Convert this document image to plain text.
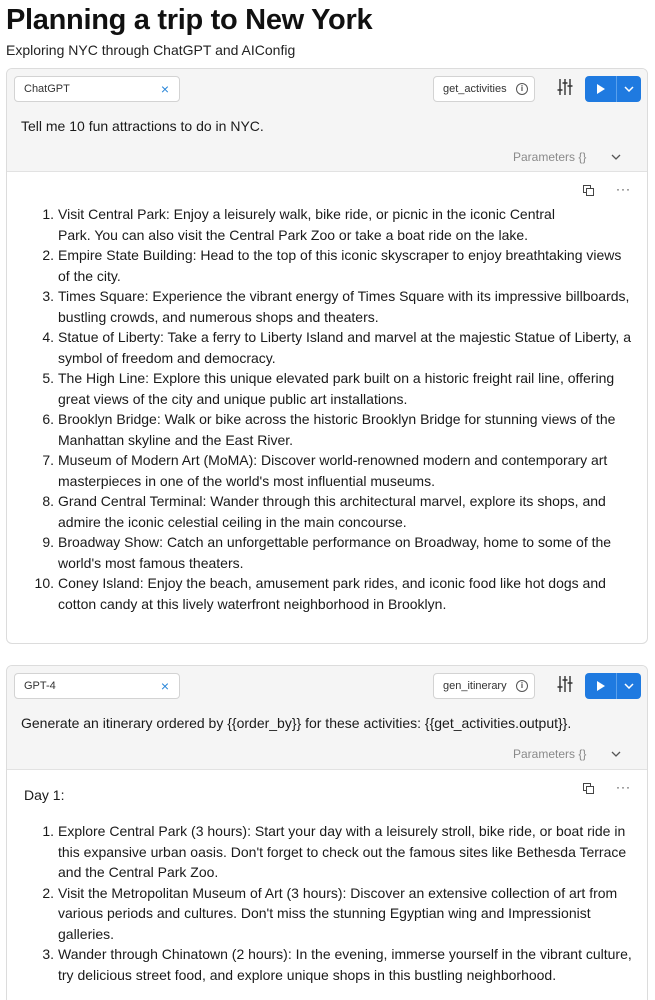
Planning a trip to New York
Exploring NYC through ChatGPT and AIConfig
ChatGPT	×	get_activities	i
Tell me 10 fun attractions to do in NYC.
Parameters {}
···
1. Visit Central Park: Enjoy a leisurely walk, bike ride, or picnic in the iconic Central
Park. You can also visit the Central Park Zoo or take a boat ride on the lake.
2. Empire State Building: Head to the top of this iconic skyscraper to enjoy breathtaking views
of the city.
3. Times Square: Experience the vibrant energy of Times Square with its impressive billboards,
bustling crowds, and numerous shops and theaters.
4. Statue of Liberty: Take a ferry to Liberty Island and marvel at the majestic Statue of Liberty, a
symbol of freedom and democracy.
5. The High Line: Explore this unique elevated park built on a historic freight rail line, offering
great views of the city and unique public art installations.
6. Brooklyn Bridge: Walk or bike across the historic Brooklyn Bridge for stunning views of the
Manhattan skyline and the East River.
7. Museum of Modern Art (MoMA): Discover world-renowned modern and contemporary art
masterpieces in one of the world's most influential museums.
8. Grand Central Terminal: Wander through this architectural marvel, explore its shops, and
admire the iconic celestial ceiling in the main concourse.
9. Broadway Show: Catch an unforgettable performance on Broadway, home to some of the
world's most famous theaters.
10. Coney Island: Enjoy the beach, amusement park rides, and iconic food like hot dogs and
cotton candy at this lively waterfront neighborhood in Brooklyn.
GPT-4	×	gen_itinerary	i
Generate an itinerary ordered by {{order_by}} for these activities: {{get_activities.output}}.
Parameters {}
···
Day 1:
1. Explore Central Park (3 hours): Start your day with a leisurely stroll, bike ride, or boat ride in
this expansive urban oasis. Don't forget to check out the famous sites like Bethesda Terrace
and the Central Park Zoo.
2. Visit the Metropolitan Museum of Art (3 hours): Discover an extensive collection of art from
various periods and cultures. Don't miss the stunning Egyptian wing and Impressionist
galleries.
3. Wander through Chinatown (2 hours): In the evening, immerse yourself in the vibrant culture,
try delicious street food, and explore unique shops in this bustling neighborhood.
